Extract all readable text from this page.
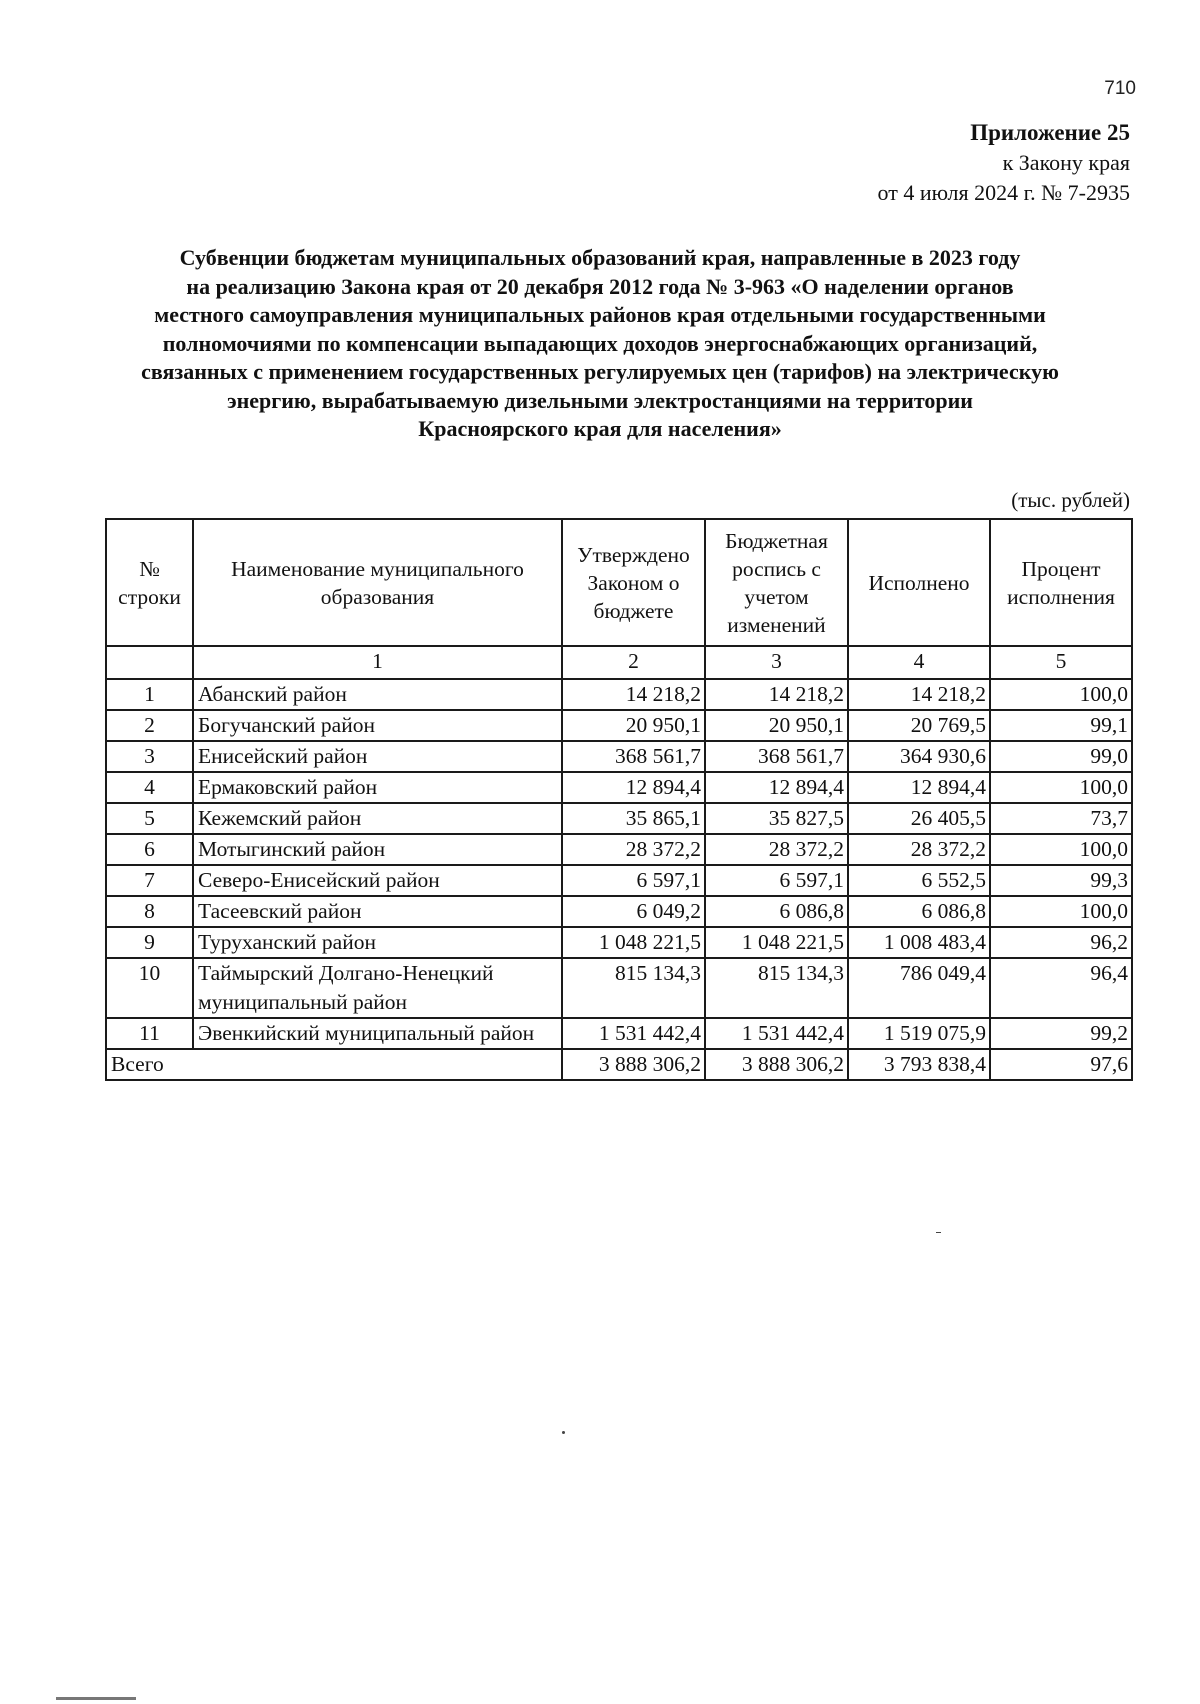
710
Приложение 25
к Закону края
от 4 июля 2024 г. № 7-2935
Субвенции бюджетам муниципальных образований края, направленные в 2023 году
на реализацию Закона края от 20 декабря 2012 года № 3-963 «О наделении органов
местного самоуправления муниципальных районов края отдельными государственными
полномочиями по компенсации выпадающих доходов энергоснабжающих организаций,
связанных с применением государственных регулируемых цен (тарифов) на электрическую
энергию, вырабатываемую дизельными электростанциями на территории
Красноярского края для населения»
(тыс. рублей)
№ строки	Наименование муниципального образования	Утверждено Законом о бюджете	Бюджетная роспись с учетом изменений	Исполнено	Процент исполнения
	1	2	3	4	5
1	Абанский район	14 218,2	14 218,2	14 218,2	100,0
2	Богучанский район	20 950,1	20 950,1	20 769,5	99,1
3	Енисейский район	368 561,7	368 561,7	364 930,6	99,0
4	Ермаковский район	12 894,4	12 894,4	12 894,4	100,0
5	Кежемский район	35 865,1	35 827,5	26 405,5	73,7
6	Мотыгинский район	28 372,2	28 372,2	28 372,2	100,0
7	Северо-Енисейский район	6 597,1	6 597,1	6 552,5	99,3
8	Тасеевский район	6 049,2	6 086,8	6 086,8	100,0
9	Туруханский район	1 048 221,5	1 048 221,5	1 008 483,4	96,2
10	Таймырский Долгано-Ненецкий муниципальный район	815 134,3	815 134,3	786 049,4	96,4
11	Эвенкийский муниципальный район	1 531 442,4	1 531 442,4	1 519 075,9	99,2
Всего		3 888 306,2	3 888 306,2	3 793 838,4	97,6
